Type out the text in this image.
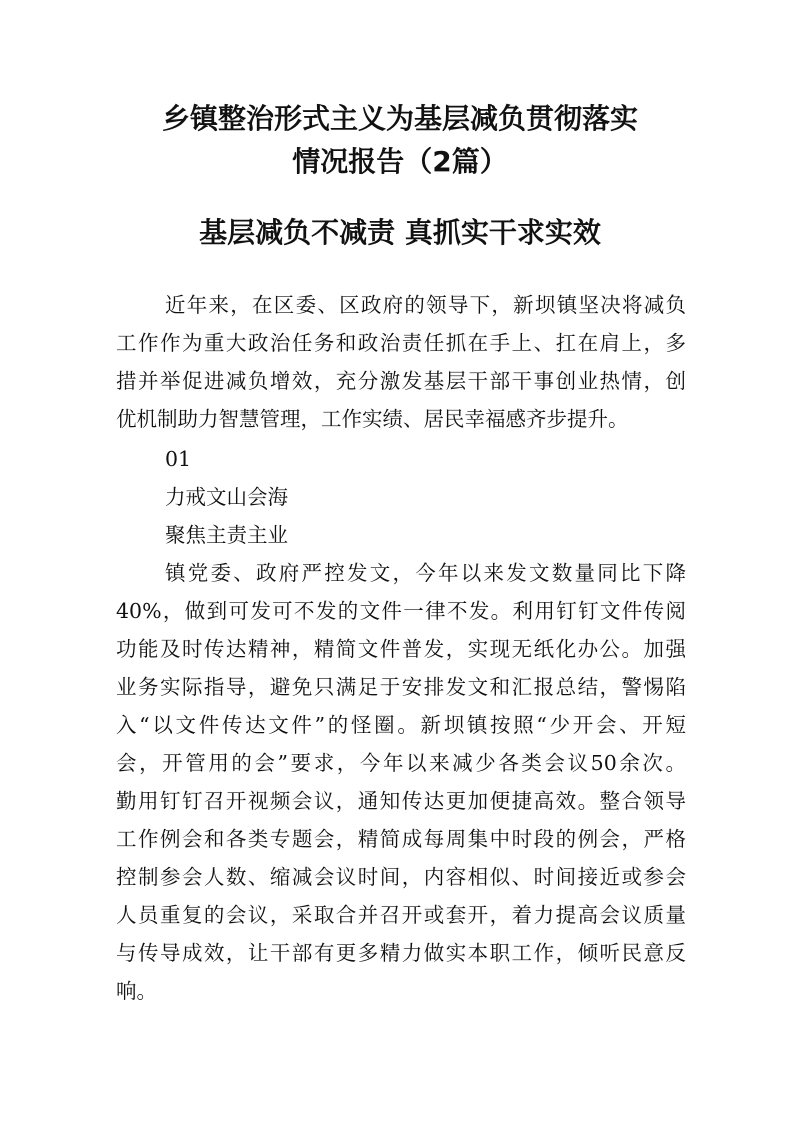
乡镇整治形式主义为基层减负贯彻落实
情况报告（2篇）
基层减负不减责 真抓实干求实效
近年来，在区委、区政府的领导下，新坝镇坚决将减负
工作作为重大政治任务和政治责任抓在手上、扛在肩上，多
措并举促进减负增效，充分激发基层干部干事创业热情，创
优机制助力智慧管理，工作实绩、居民幸福感齐步提升。
01
力戒文山会海
聚焦主责主业
镇党委、政府严控发文，今年以来发文数量同比下降
40%，做到可发可不发的文件一律不发。利用钉钉文件传阅
功能及时传达精神，精简文件普发，实现无纸化办公。加强
业务实际指导，避免只满足于安排发文和汇报总结，警惕陷
入“以文件传达文件”的怪圈。新坝镇按照“少开会、开短
会，开管用的会”要求，今年以来减少各类会议50余次。
勤用钉钉召开视频会议，通知传达更加便捷高效。整合领导
工作例会和各类专题会，精简成每周集中时段的例会，严格
控制参会人数、缩减会议时间，内容相似、时间接近或参会
人员重复的会议，采取合并召开或套开，着力提高会议质量
与传导成效，让干部有更多精力做实本职工作，倾听民意反
响。
